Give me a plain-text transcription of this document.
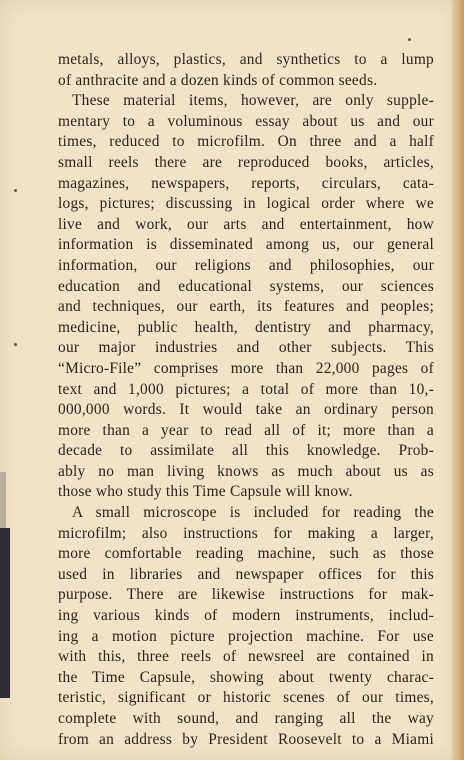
metals, alloys, plastics, and synthetics to a lump
of anthracite and a dozen kinds of common seeds.
These material items, however, are only supple-
mentary to a voluminous essay about us and our
times, reduced to microfilm. On three and a half
small reels there are reproduced books, articles,
magazines, newspapers, reports, circulars, cata-
logs, pictures; discussing in logical order where we
live and work, our arts and entertainment, how
information is disseminated among us, our general
information, our religions and philosophies, our
education and educational systems, our sciences
and techniques, our earth, its features and peoples;
medicine, public health, dentistry and pharmacy,
our major industries and other subjects. This
“Micro-File” comprises more than 22,000 pages of
text and 1,000 pictures; a total of more than 10,-
000,000 words. It would take an ordinary person
more than a year to read all of it; more than a
decade to assimilate all this knowledge. Prob-
ably no man living knows as much about us as
those who study this Time Capsule will know.
A small microscope is included for reading the
microfilm; also instructions for making a larger,
more comfortable reading machine, such as those
used in libraries and newspaper offices for this
purpose. There are likewise instructions for mak-
ing various kinds of modern instruments, includ-
ing a motion picture projection machine. For use
with this, three reels of newsreel are contained in
the Time Capsule, showing about twenty charac-
teristic, significant or historic scenes of our times,
complete with sound, and ranging all the way
from an address by President Roosevelt to a Miami
